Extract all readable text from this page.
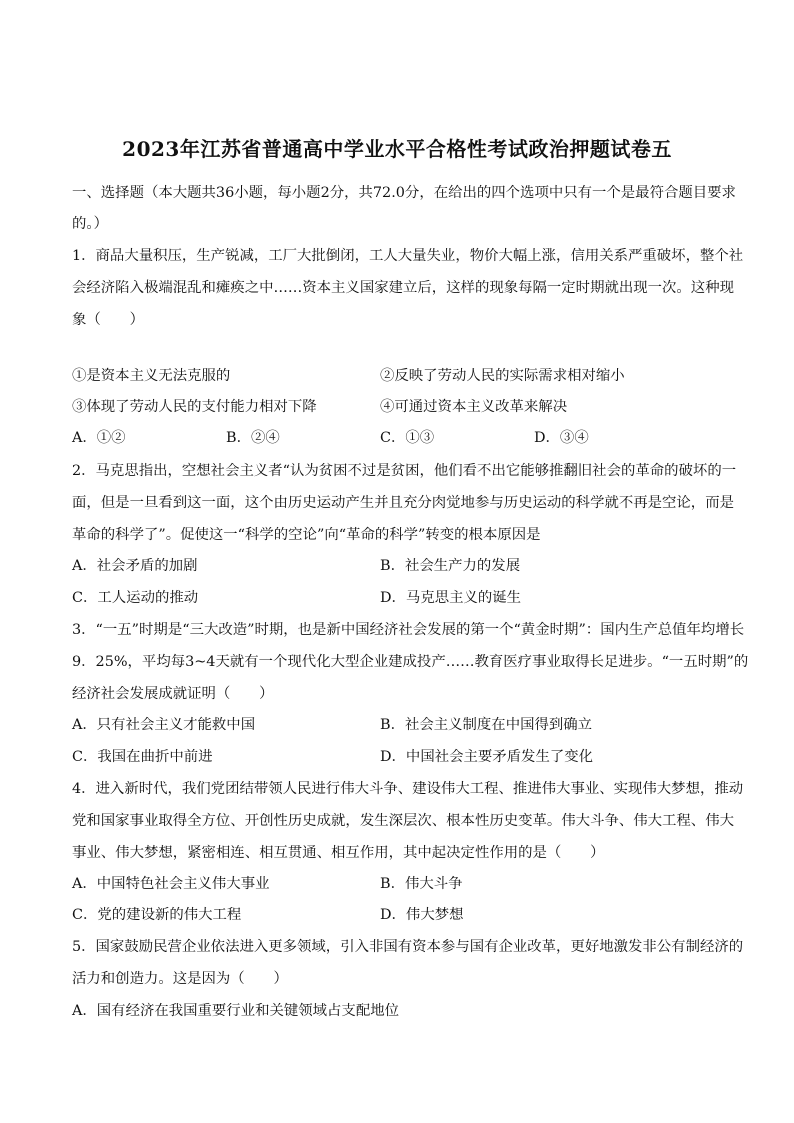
2023年江苏省普通高中学业水平合格性考试政治押题试卷五
一、选择题（本大题共36小题，每小题2分，共72.0分，在给出的四个选项中只有一个是最符合题目要求
的。）
1．商品大量积压，生产锐减，工厂大批倒闭，工人大量失业，物价大幅上涨，信用关系严重破坏，整个社
会经济陷入极端混乱和瘫痪之中……资本主义国家建立后，这样的现象每隔一定时期就出现一次。这种现
象（　　）
①是资本主义无法克服的	②反映了劳动人民的实际需求相对缩小
③体现了劳动人民的支付能力相对下降	④可通过资本主义改革来解决
A．①②	B．②④	C．①③	D．③④
2．马克思指出，空想社会主义者“认为贫困不过是贫困，他们看不出它能够推翻旧社会的革命的破坏的一
面，但是一旦看到这一面，这个由历史运动产生并且充分肉觉地参与历史运动的科学就不再是空论，而是
革命的科学了”。促使这一“科学的空论”向“革命的科学”转变的根本原因是
A．社会矛盾的加剧	B．社会生产力的发展
C．工人运动的推动	D．马克思主义的诞生
3．“一五”时期是“三大改造”时期，也是新中国经济社会发展的第一个“黄金时期”：国内生产总值年均增长
9．25%，平均每3~4天就有一个现代化大型企业建成投产……教育医疗事业取得长足进步。“一五时期”的
经济社会发展成就证明（　　）
A．只有社会主义才能救中国	B．社会主义制度在中国得到确立
C．我国在曲折中前进	D．中国社会主要矛盾发生了变化
4．进入新时代，我们党团结带领人民进行伟大斗争、建设伟大工程、推进伟大事业、实现伟大梦想，推动
党和国家事业取得全方位、开创性历史成就，发生深层次、根本性历史变革。伟大斗争、伟大工程、伟大
事业、伟大梦想，紧密相连、相互贯通、相互作用，其中起决定性作用的是（　　）
A．中国特色社会主义伟大事业	B．伟大斗争
C．党的建设新的伟大工程	D．伟大梦想
5．国家鼓励民营企业依法进入更多领域，引入非国有资本参与国有企业改革，更好地激发非公有制经济的
活力和创造力。这是因为（　　）
A．国有经济在我国重要行业和关键领域占支配地位
